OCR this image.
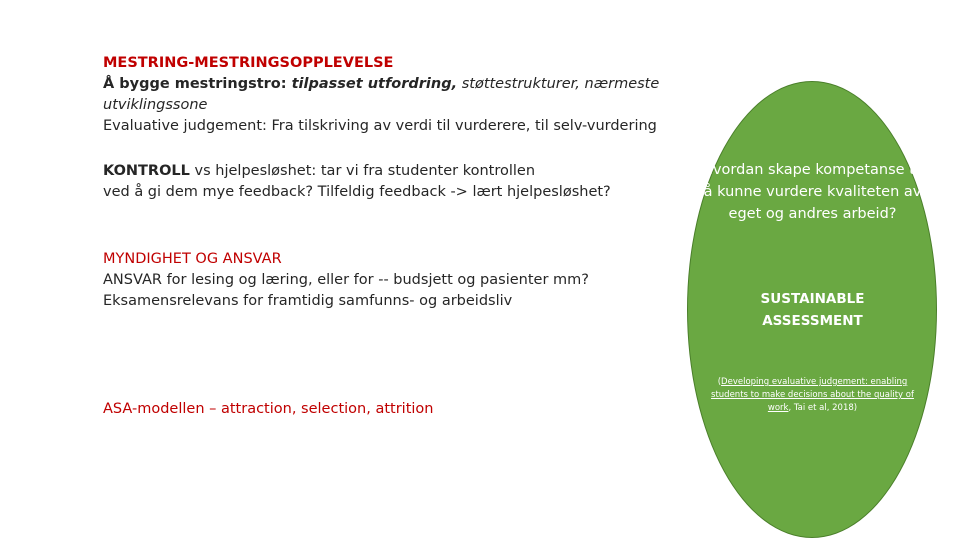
MESTRING-MESTRINGSOPPLEVELSE
Å bygge mestringstro: tilpasset utfordring, støttestrukturer, nærmeste utviklingssone
Evaluative judgement: Fra tilskriving av verdi til vurderere, til selv-vurdering
KONTROLL vs hjelpesløshet: tar vi fra studenter kontrollen
ved å gi dem mye feedback? Tilfeldig feedback -> lært hjelpesløshet?
MYNDIGHET OG ANSVAR
ANSVAR for lesing og læring, eller for -- budsjett og pasienter mm?
Eksamensrelevans for framtidig samfunns- og arbeidsliv
ASA-modellen – attraction, selection, attrition
Hvordan skape kompetanse til å kunne vurdere kvaliteten av eget og andres arbeid?
SUSTAINABLE
ASSESSMENT
(Developing evaluative judgement: enabling students to make decisions about the quality of work, Tai et al, 2018)
